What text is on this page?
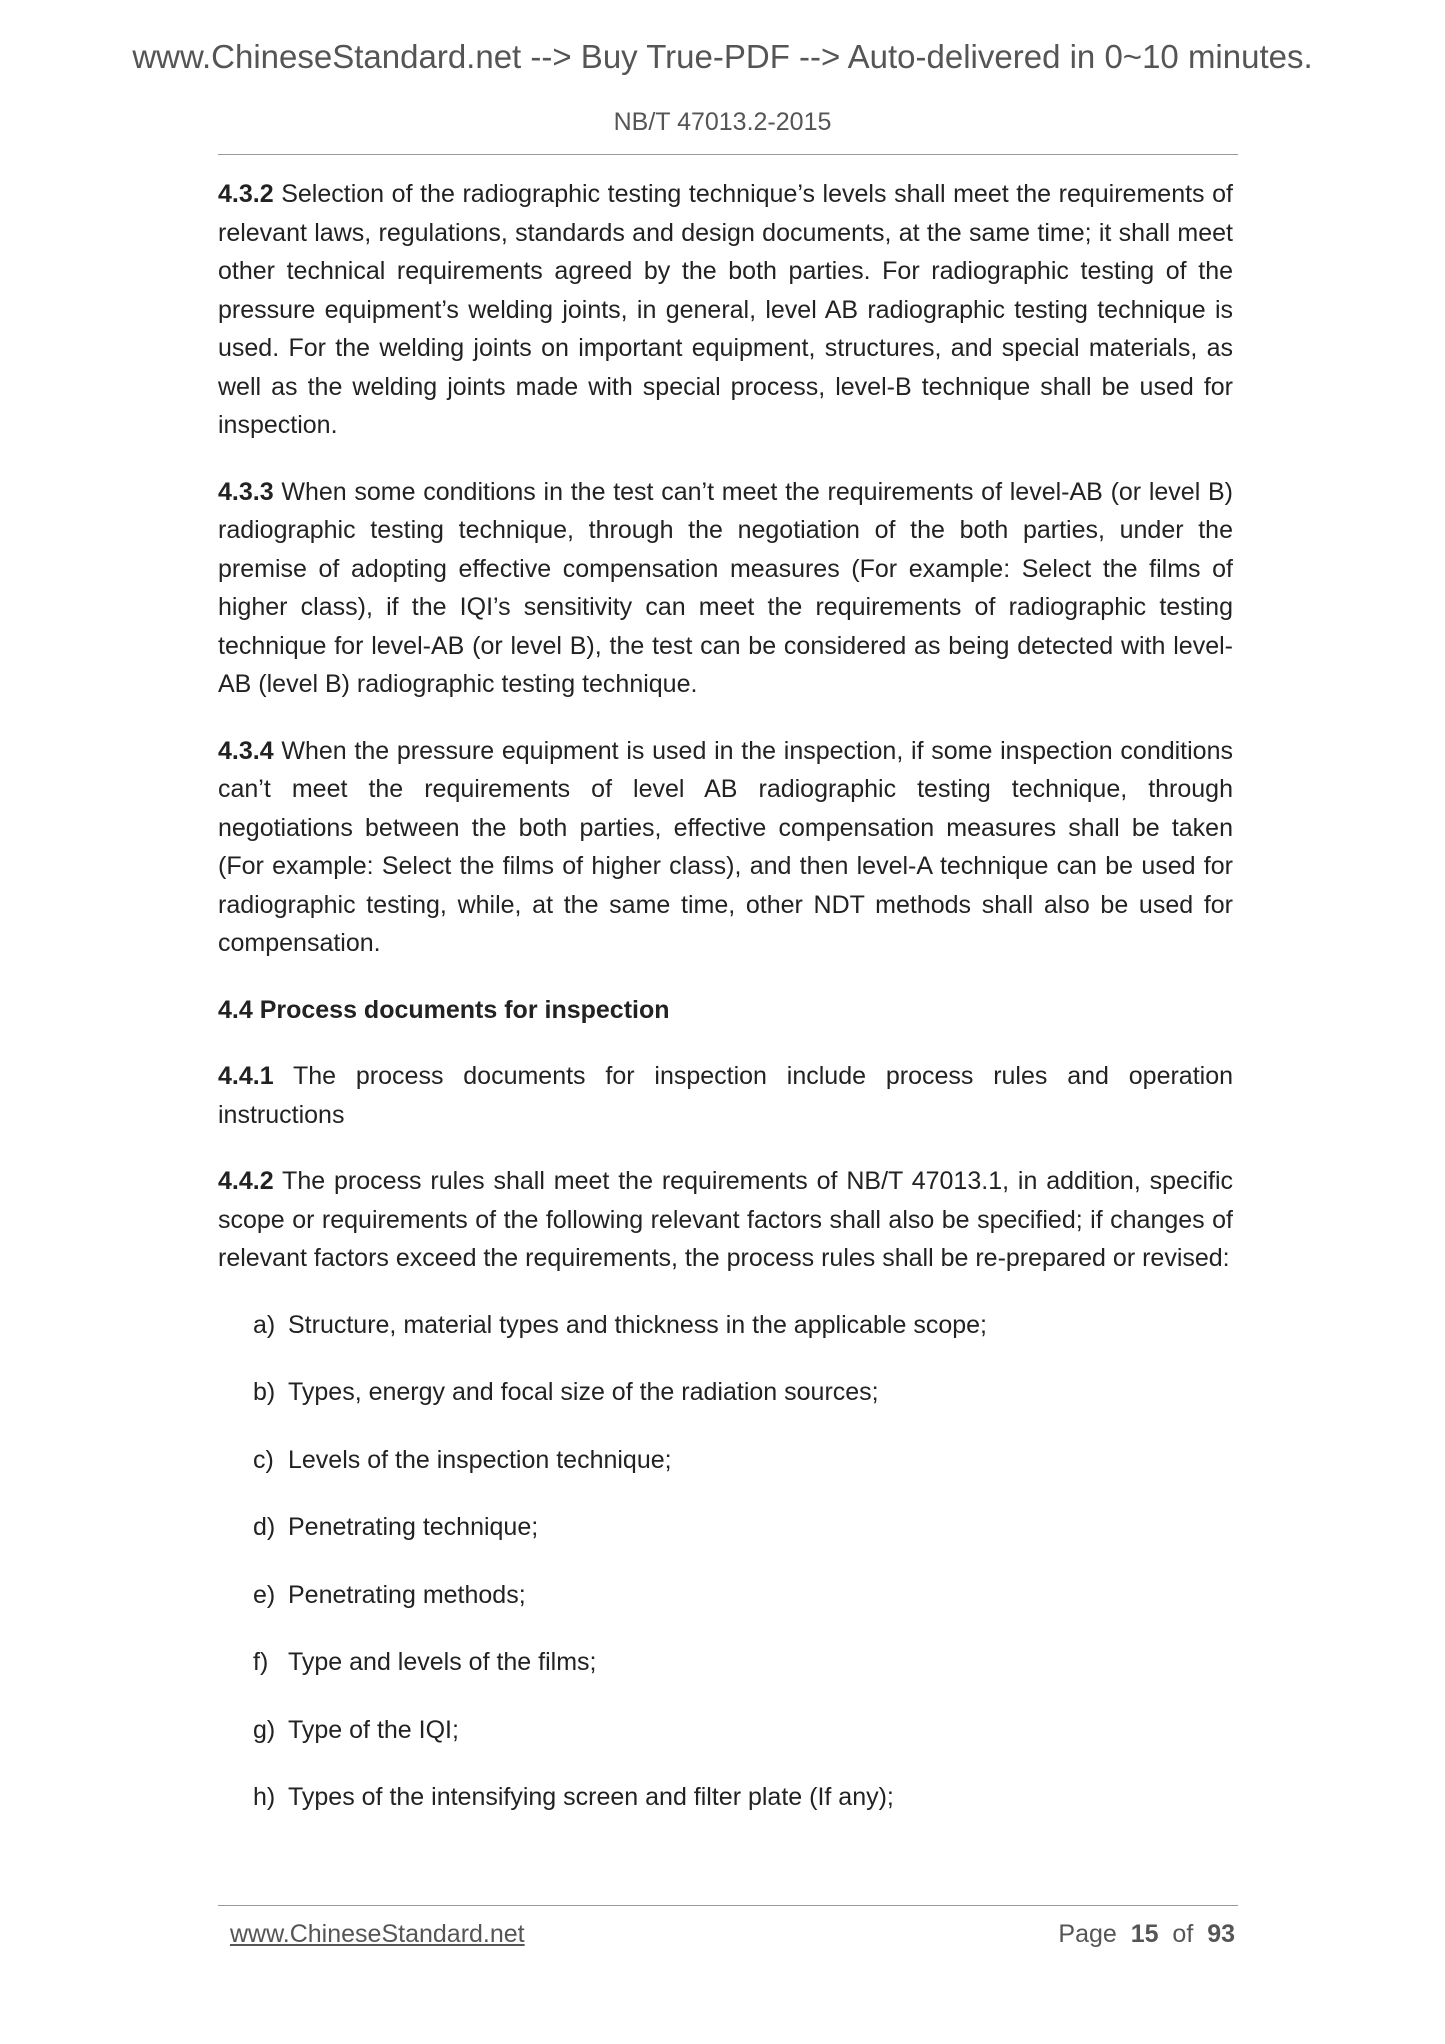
www.ChineseStandard.net --> Buy True-PDF --> Auto-delivered in 0~10 minutes.
NB/T 47013.2-2015

4.3.2 Selection of the radiographic testing technique’s levels shall meet the requirements of relevant laws, regulations, standards and design documents, at the same time; it shall meet other technical requirements agreed by the both parties. For radiographic testing of the pressure equipment’s welding joints, in general, level AB radiographic testing technique is used. For the welding joints on important equipment, structures, and special materials, as well as the welding joints made with special process, level-B technique shall be used for inspection.

4.3.3 When some conditions in the test can’t meet the requirements of level-AB (or level B) radiographic testing technique, through the negotiation of the both parties, under the premise of adopting effective compensation measures (For example: Select the films of higher class), if the IQI’s sensitivity can meet the requirements of radiographic testing technique for level-AB (or level B), the test can be considered as being detected with level-AB (level B) radiographic testing technique.

4.3.4 When the pressure equipment is used in the inspection, if some inspection conditions can’t meet the requirements of level AB radiographic testing technique, through negotiations between the both parties, effective compensation measures shall be taken (For example: Select the films of higher class), and then level-A technique can be used for radiographic testing, while, at the same time, other NDT methods shall also be used for compensation.

4.4 Process documents for inspection

4.4.1 The process documents for inspection include process rules and operation instructions

4.4.2 The process rules shall meet the requirements of NB/T 47013.1, in addition, specific scope or requirements of the following relevant factors shall also be specified; if changes of relevant factors exceed the requirements, the process rules shall be re-prepared or revised:

a) Structure, material types and thickness in the applicable scope;
b) Types, energy and focal size of the radiation sources;
c) Levels of the inspection technique;
d) Penetrating technique;
e) Penetrating methods;
f) Type and levels of the films;
g) Type of the IQI;
h) Types of the intensifying screen and filter plate (If any);
www.ChineseStandard.net	Page 15 of 93
